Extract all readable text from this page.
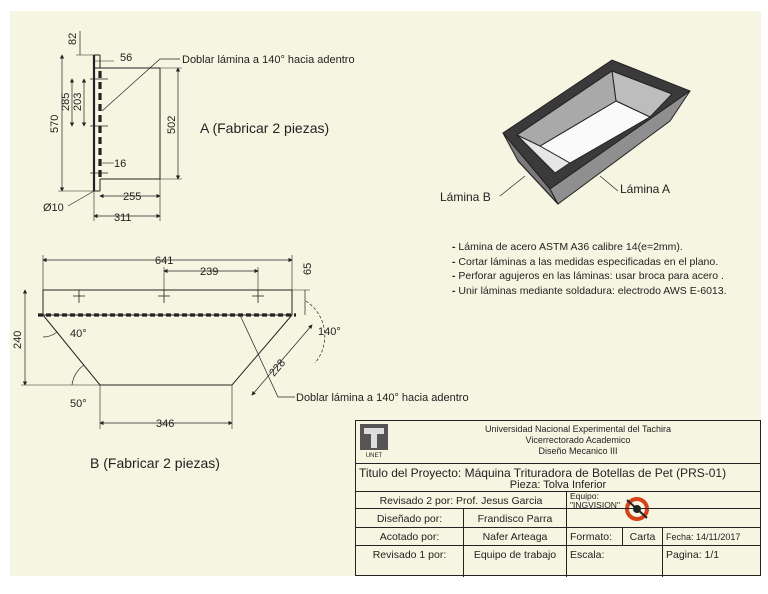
82
56
570
285 203
502
16
255
311
Ø10
Doblar lámina a 140° hacia adentro
A (Fabricar 2 piezas)
641
239	65
240	40°	140°
228
50°
346
Doblar lámina a 140° hacia adentro
B (Fabricar 2 piezas)
Lámina B
Lámina A
- Lámina de acero ASTM A36 calibre 14(e=2mm).
- Cortar láminas a las medidas especificadas en el plano.
- Perforar agujeros en las láminas: usar broca para acero .
- Unir láminas mediante soldadura: electrodo AWS E-6013.
UNET
Universidad Nacional Experimental del Tachira
Vicerrectorado Academico
Diseño Mecanico III
Titulo del Proyecto: Máquina Trituradora de Botellas de Pet (PRS-01)
Pieza: Tolva Inferior
Revisado 2 por: Prof. Jesus Garcia	Equipo:
"INGVISION"
Diseñado por:	Frandisco Parra
Acotado por:	Nafer Arteaga	Formato:	Carta	Fecha: 14/11/2017
Revisado 1 por:	Equipo de trabajo	Escala:	Pagina: 1/1
